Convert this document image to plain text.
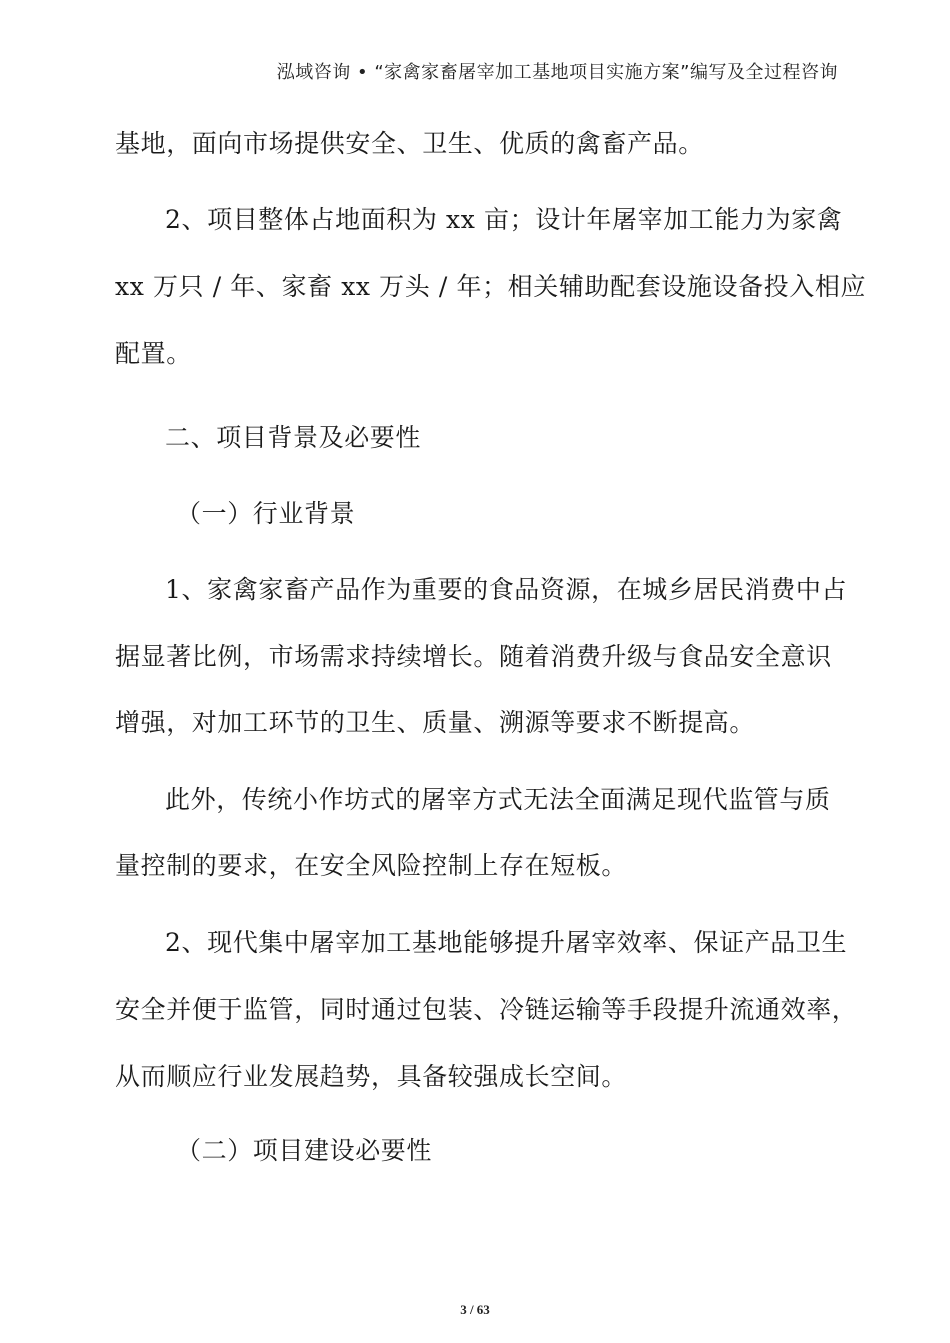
泓域咨询 • “家禽家畜屠宰加工基地项目实施方案”编写及全过程咨询
基地，面向市场提供安全、卫生、优质的禽畜产品。
2、项目整体占地面积为 xx 亩；设计年屠宰加工能力为家禽
xx 万只 / 年、家畜 xx 万头 / 年；相关辅助配套设施设备投入相应
配置。
二、项目背景及必要性
（一）行业背景
1、家禽家畜产品作为重要的食品资源，在城乡居民消费中占
据显著比例，市场需求持续增长。随着消费升级与食品安全意识
增强，对加工环节的卫生、质量、溯源等要求不断提高。
此外，传统小作坊式的屠宰方式无法全面满足现代监管与质
量控制的要求，在安全风险控制上存在短板。
2、现代集中屠宰加工基地能够提升屠宰效率、保证产品卫生
安全并便于监管，同时通过包装、冷链运输等手段提升流通效率，
从而顺应行业发展趋势，具备较强成长空间。
（二）项目建设必要性
3 / 63
